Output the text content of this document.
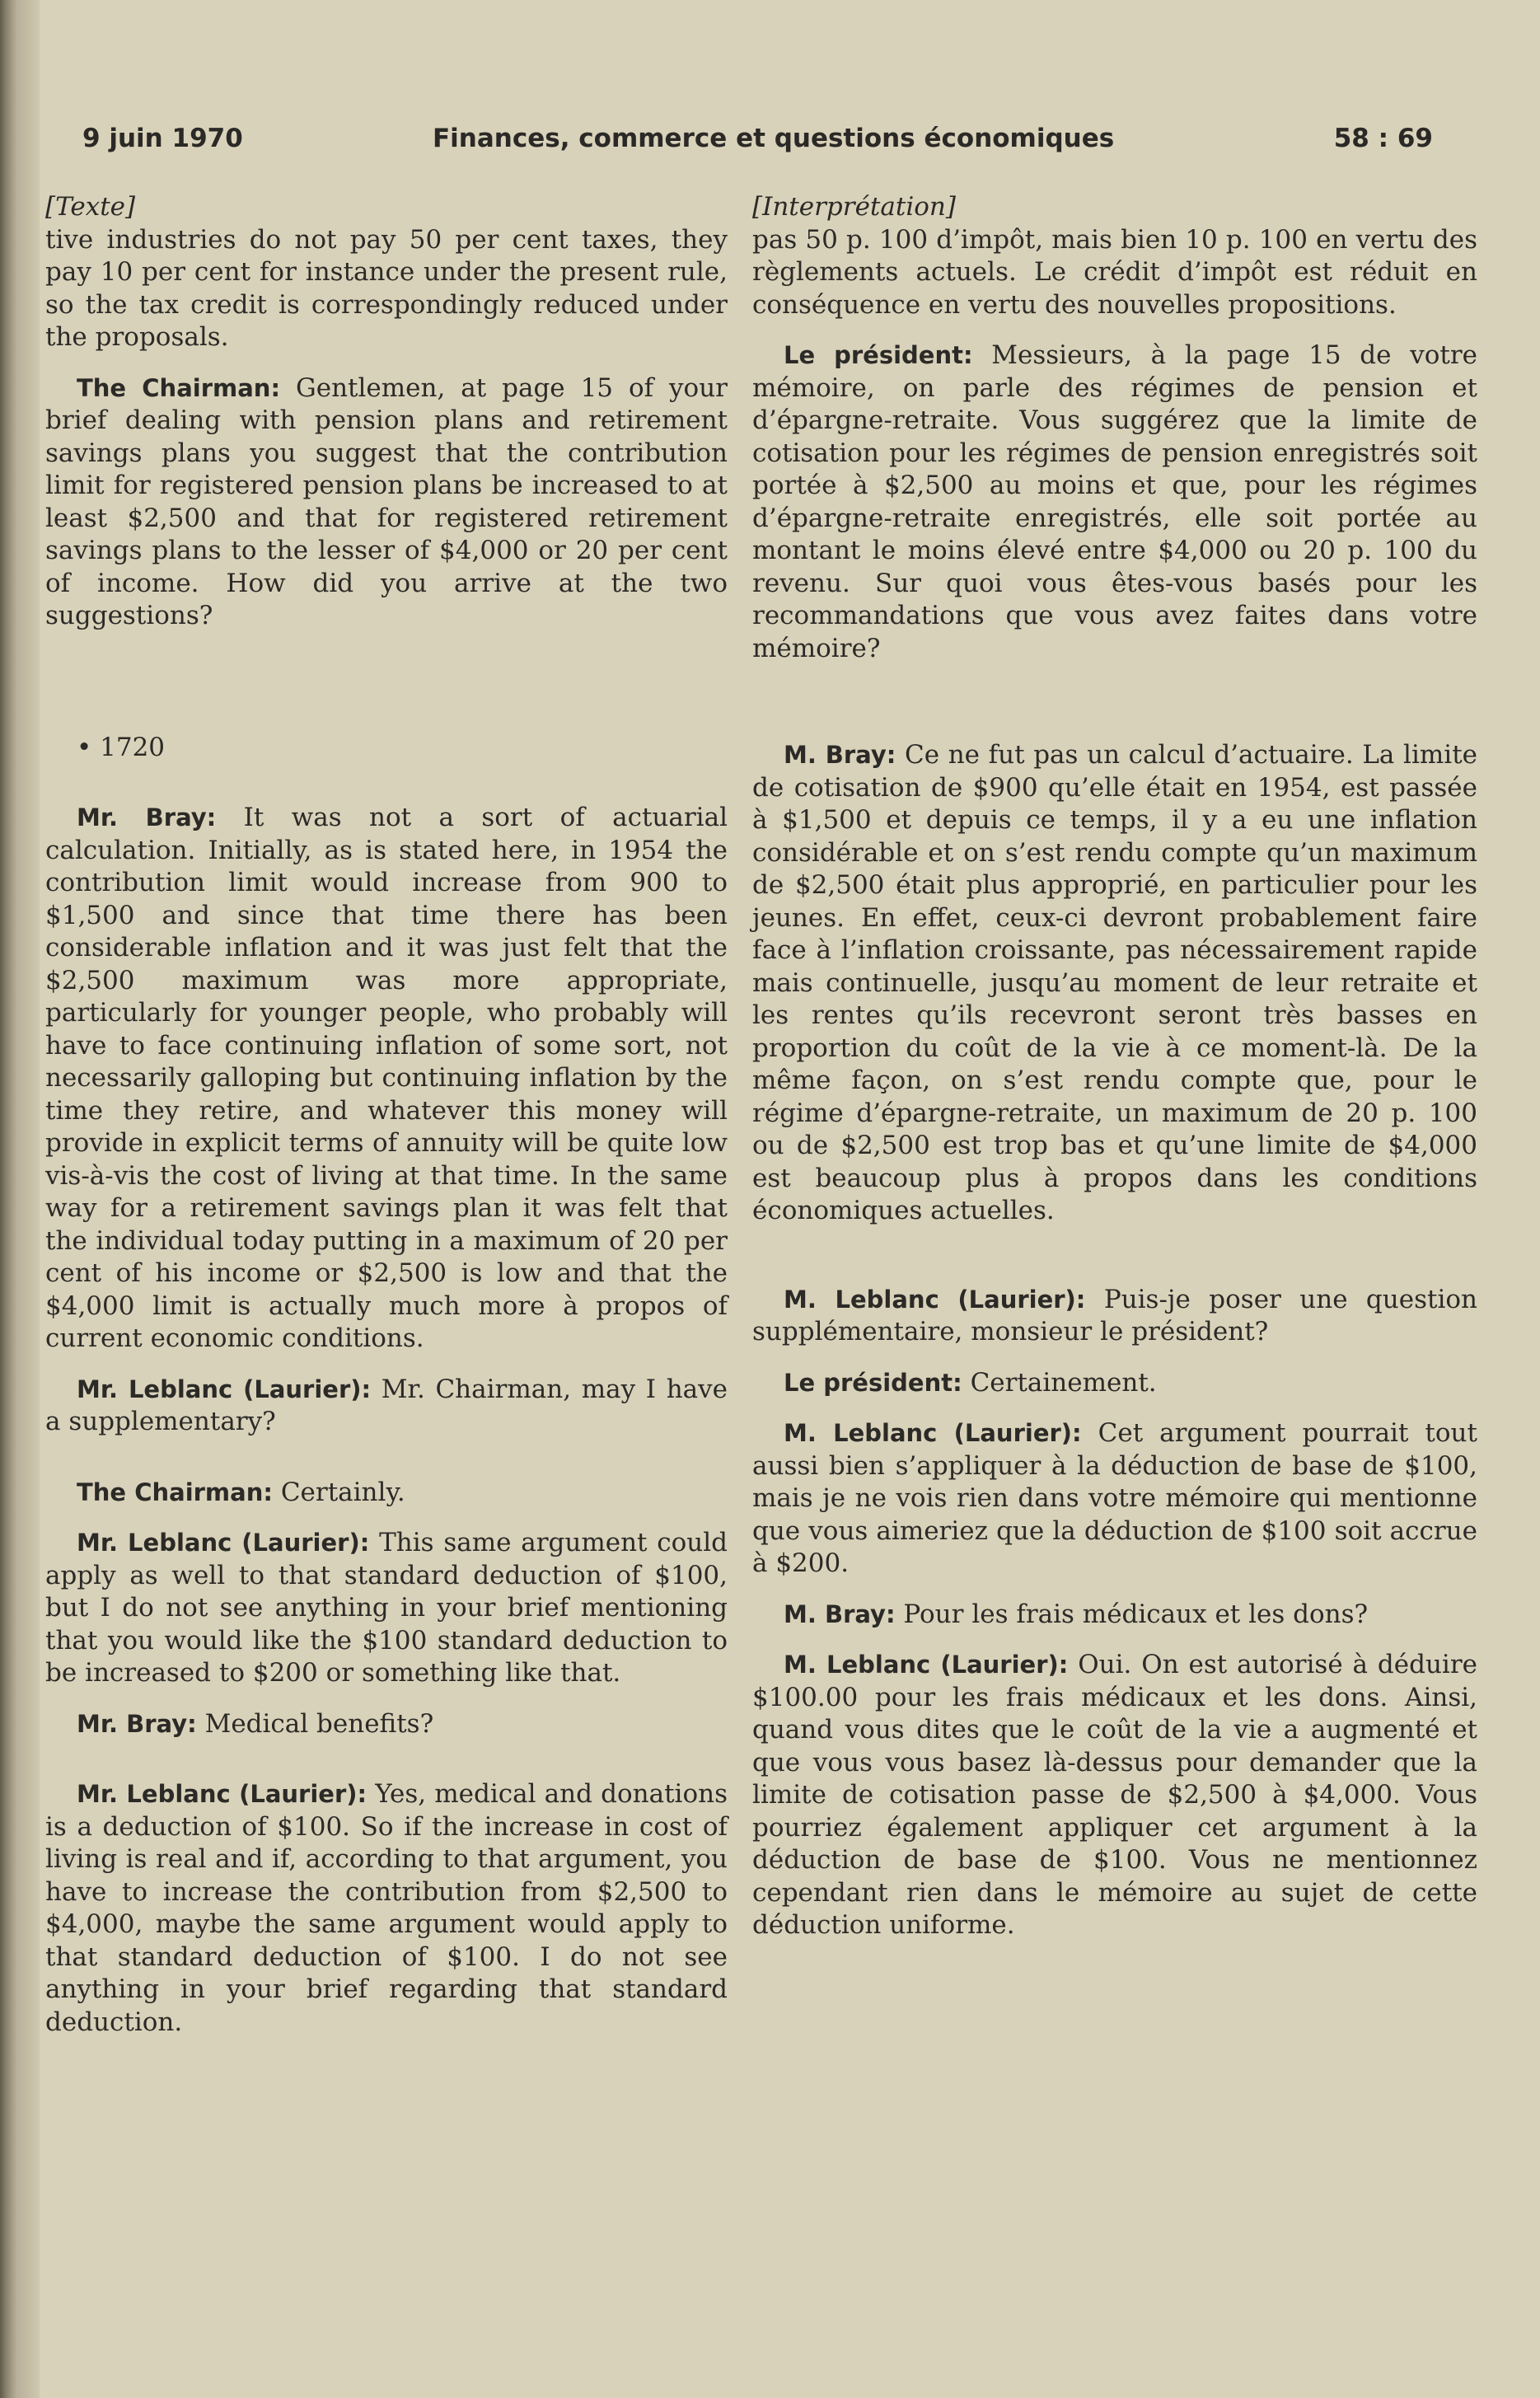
9 juin 1970	Finances, commerce et questions économiques	58 : 69
[Texte]
tive industries do not pay 50 per cent taxes, they pay 10 per cent for instance under the present rule, so the tax credit is correspondingly reduced under the proposals.
The Chairman: Gentlemen, at page 15 of your brief dealing with pension plans and retirement savings plans you suggest that the contribution limit for registered pension plans be increased to at least $2,500 and that for registered retirement savings plans to the lesser of $4,000 or 20 per cent of income. How did you arrive at the two suggestions?
• 1720
Mr. Bray: It was not a sort of actuarial calculation. Initially, as is stated here, in 1954 the contribution limit would increase from 900 to $1,500 and since that time there has been considerable inflation and it was just felt that the $2,500 maximum was more appropriate, particularly for younger people, who probably will have to face continuing inflation of some sort, not necessarily galloping but continuing inflation by the time they retire, and whatever this money will provide in explicit terms of annuity will be quite low vis-à-vis the cost of living at that time. In the same way for a retirement savings plan it was felt that the individual today putting in a maximum of 20 per cent of his income or $2,500 is low and that the $4,000 limit is actually much more à propos of current economic conditions.
Mr. Leblanc (Laurier): Mr. Chairman, may I have a supplementary?
The Chairman: Certainly.
Mr. Leblanc (Laurier): This same argument could apply as well to that standard deduction of $100, but I do not see anything in your brief mentioning that you would like the $100 standard deduction to be increased to $200 or something like that.
Mr. Bray: Medical benefits?
Mr. Leblanc (Laurier): Yes, medical and donations is a deduction of $100. So if the increase in cost of living is real and if, according to that argument, you have to increase the contribution from $2,500 to $4,000, maybe the same argument would apply to that standard deduction of $100. I do not see anything in your brief regarding that standard deduction.
[Interprétation]
pas 50 p. 100 d’impôt, mais bien 10 p. 100 en vertu des règlements actuels. Le crédit d’impôt est réduit en conséquence en vertu des nouvelles propositions.
Le président: Messieurs, à la page 15 de votre mémoire, on parle des régimes de pension et d’épargne-retraite. Vous suggérez que la limite de cotisation pour les régimes de pension enregistrés soit portée à $2,500 au moins et que, pour les régimes d’épargne-retraite enregistrés, elle soit portée au montant le moins élevé entre $4,000 ou 20 p. 100 du revenu. Sur quoi vous êtes-vous basés pour les recommandations que vous avez faites dans votre mémoire?
M. Bray: Ce ne fut pas un calcul d’actuaire. La limite de cotisation de $900 qu’elle était en 1954, est passée à $1,500 et depuis ce temps, il y a eu une inflation considérable et on s’est rendu compte qu’un maximum de $2,500 était plus approprié, en particulier pour les jeunes. En effet, ceux-ci devront probablement faire face à l’inflation croissante, pas nécessairement rapide mais continuelle, jusqu’au moment de leur retraite et les rentes qu’ils recevront seront très basses en proportion du coût de la vie à ce moment-là. De la même façon, on s’est rendu compte que, pour le régime d’épargne-retraite, un maximum de 20 p. 100 ou de $2,500 est trop bas et qu’une limite de $4,000 est beaucoup plus à propos dans les conditions économiques actuelles.
M. Leblanc (Laurier): Puis-je poser une question supplémentaire, monsieur le président?
Le président: Certainement.
M. Leblanc (Laurier): Cet argument pourrait tout aussi bien s’appliquer à la déduction de base de $100, mais je ne vois rien dans votre mémoire qui mentionne que vous aimeriez que la déduction de $100 soit accrue à $200.
M. Bray: Pour les frais médicaux et les dons?
M. Leblanc (Laurier): Oui. On est autorisé à déduire $100.00 pour les frais médicaux et les dons. Ainsi, quand vous dites que le coût de la vie a augmenté et que vous vous basez là-dessus pour demander que la limite de cotisation passe de $2,500 à $4,000. Vous pourriez également appliquer cet argument à la déduction de base de $100. Vous ne mentionnez cependant rien dans le mémoire au sujet de cette déduction uniforme.
